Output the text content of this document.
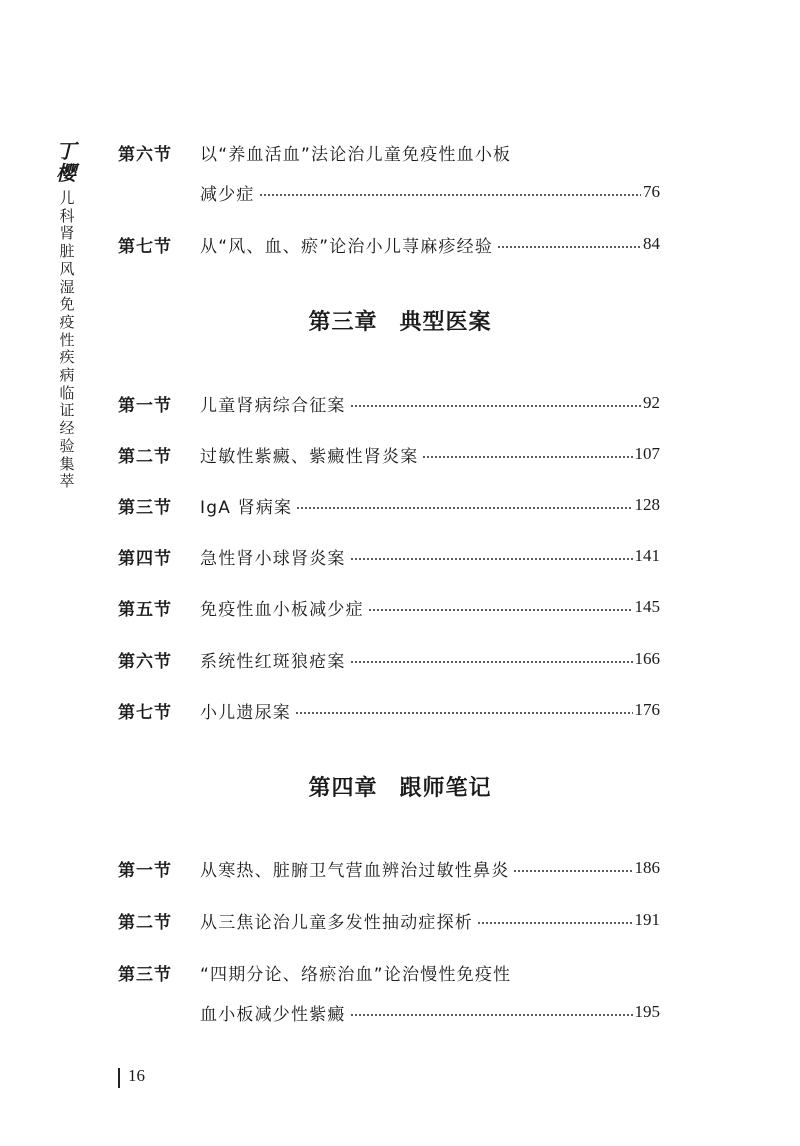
丁
樱
儿科肾脏风湿免疫性疾病临证经验集萃
第六节	以“养血活血”法论治儿童免疫性血小板
减少症	76
第七节	从“风、血、瘀”论治小儿荨麻疹经验	84
第三章 典型医案
第一节	儿童肾病综合征案	92
第二节	过敏性紫癜、紫癜性肾炎案	107
第三节	IgA 肾病案	128
第四节	急性肾小球肾炎案	141
第五节	免疫性血小板减少症	145
第六节	系统性红斑狼疮案	166
第七节	小儿遗尿案	176
第四章 跟师笔记
第一节	从寒热、脏腑卫气营血辨治过敏性鼻炎	186
第二节	从三焦论治儿童多发性抽动症探析	191
第三节	“四期分论、络瘀治血”论治慢性免疫性
血小板减少性紫癜	195
16
